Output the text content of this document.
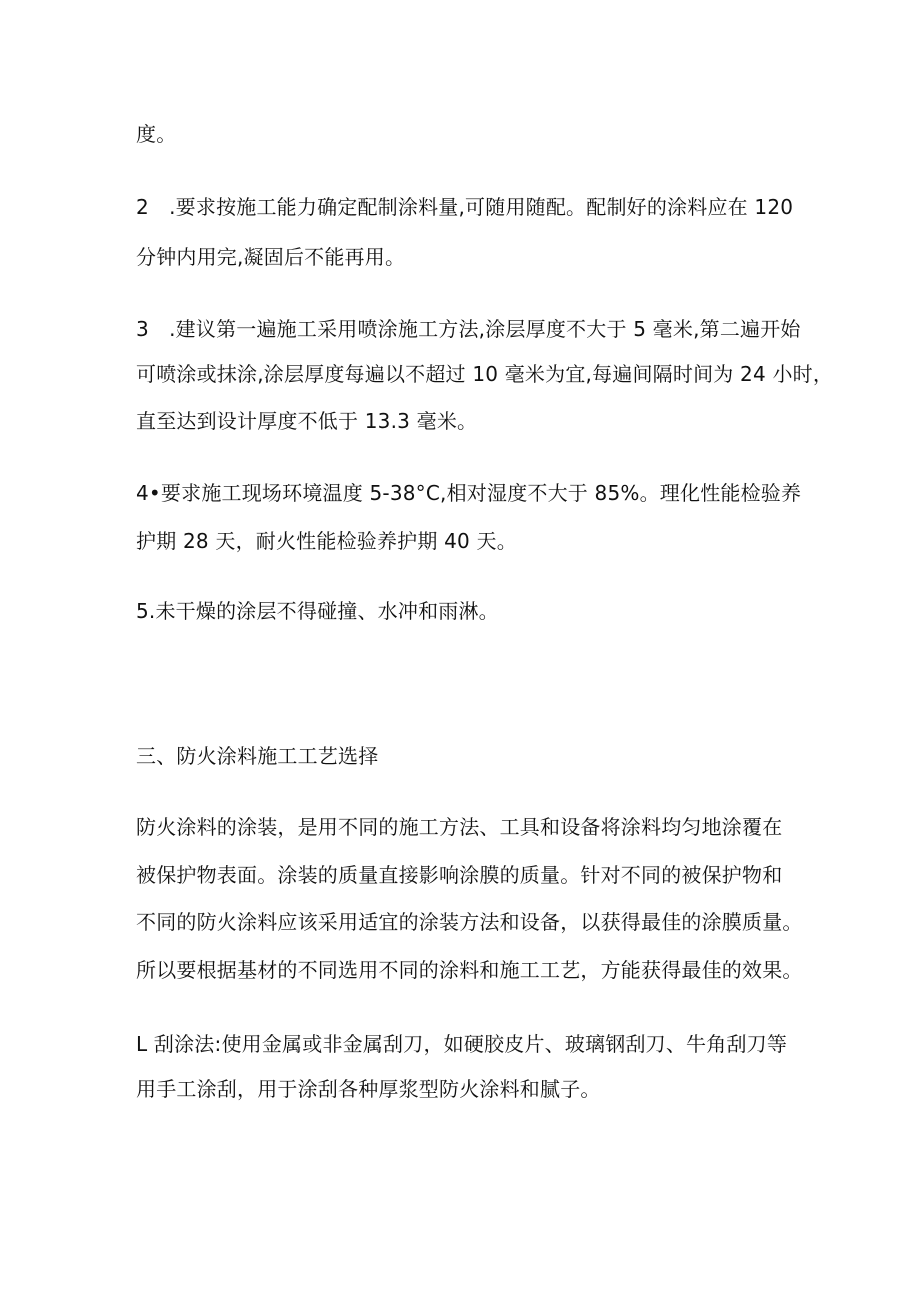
度。
2　.要求按施工能力确定配制涂料量,可随用随配。配制好的涂料应在 120
分钟内用完,凝固后不能再用。
3　.建议第一遍施工采用喷涂施工方法,涂层厚度不大于 5 毫米,第二遍开始
可喷涂或抹涂,涂层厚度每遍以不超过 10 毫米为宜,每遍间隔时间为 24 小时，
直至达到设计厚度不低于 13.3 毫米。
4•要求施工现场环境温度 5-38°C,相对湿度不大于 85%。理化性能检验养
护期 28 天，耐火性能检验养护期 40 天。
5.未干燥的涂层不得碰撞、水冲和雨淋。
三、防火涂料施工工艺选择
防火涂料的涂装，是用不同的施工方法、工具和设备将涂料均匀地涂覆在
被保护物表面。涂装的质量直接影响涂膜的质量。针对不同的被保护物和
不同的防火涂料应该采用适宜的涂装方法和设备，以获得最佳的涂膜质量。
所以要根据基材的不同选用不同的涂料和施工工艺，方能获得最佳的效果。
L 刮涂法:使用金属或非金属刮刀，如硬胶皮片、玻璃钢刮刀、牛角刮刀等
用手工涂刮，用于涂刮各种厚浆型防火涂料和腻子。
